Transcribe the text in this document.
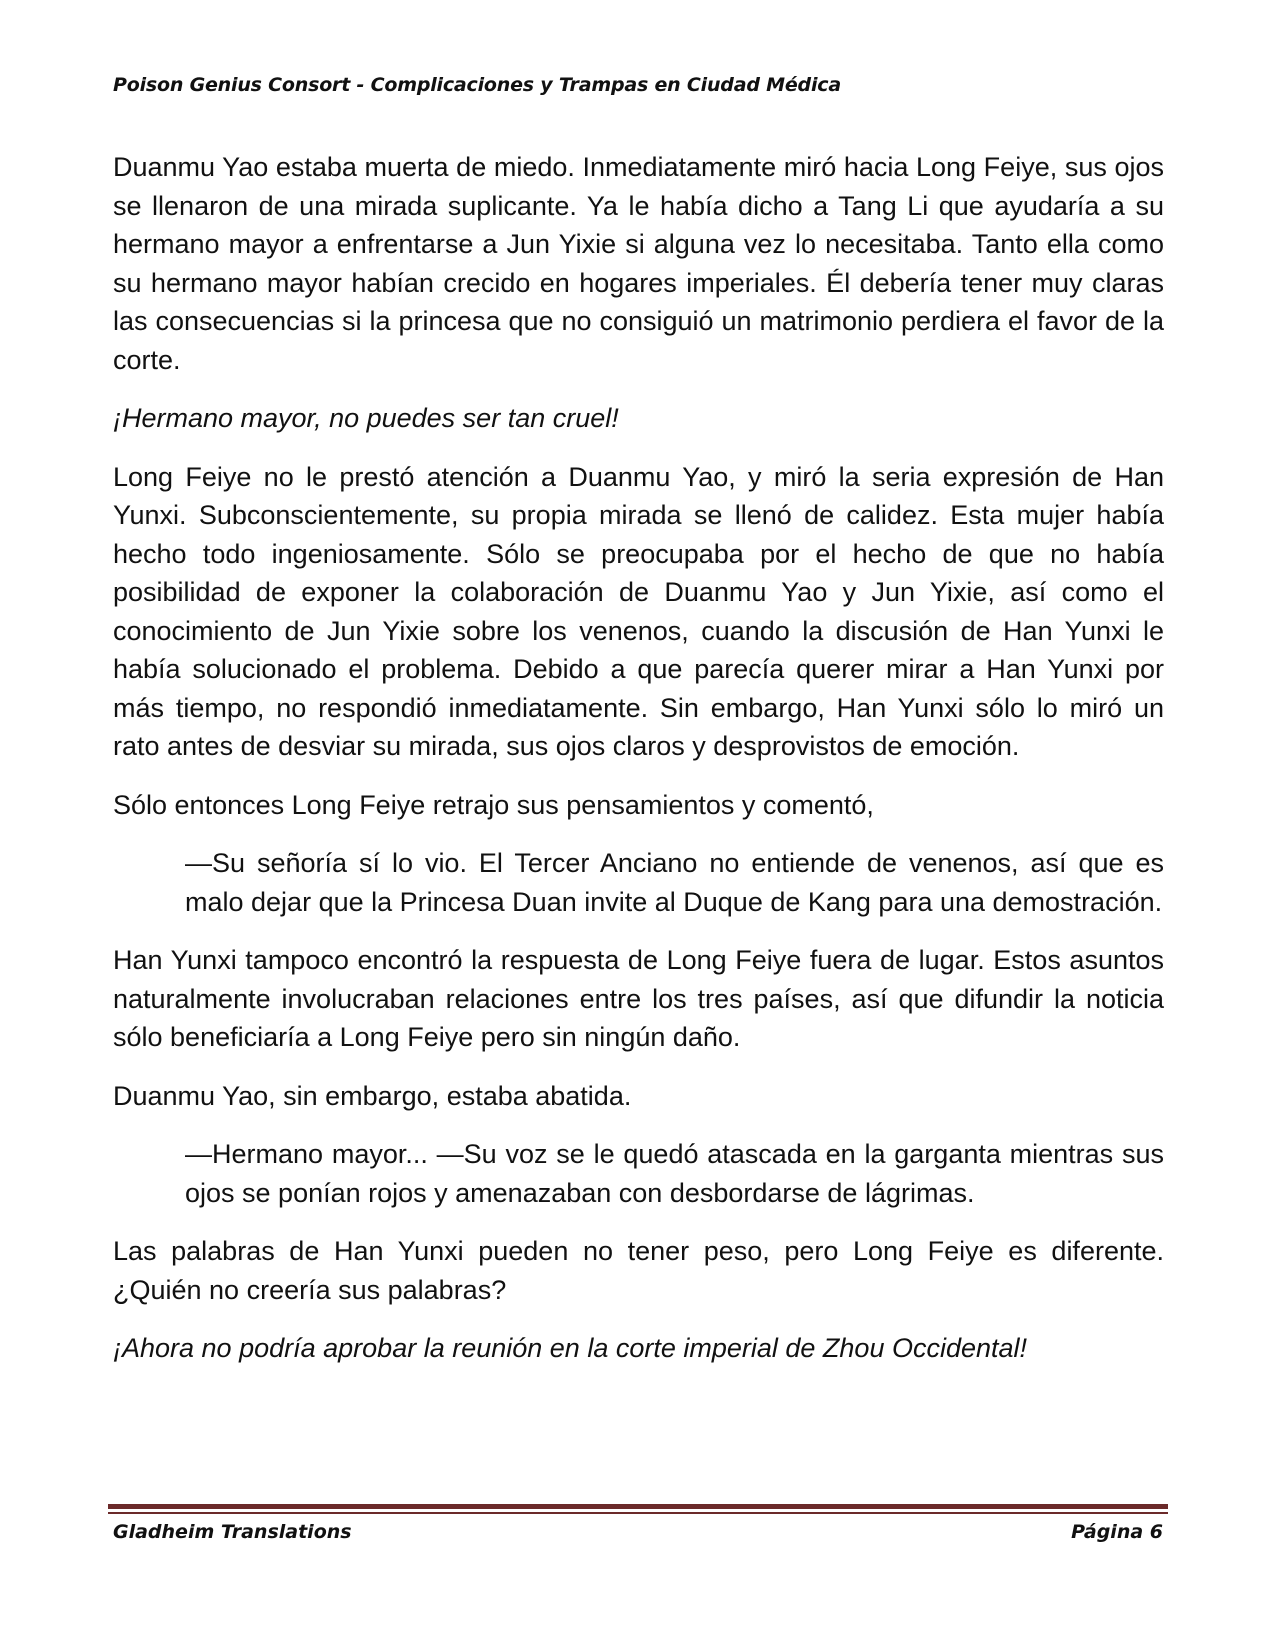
Poison Genius Consort - Complicaciones y Trampas en Ciudad Médica

Duanmu Yao estaba muerta de miedo. Inmediatamente miró hacia Long Feiye, sus ojos se llenaron de una mirada suplicante. Ya le había dicho a Tang Li que ayudaría a su hermano mayor a enfrentarse a Jun Yixie si alguna vez lo necesitaba. Tanto ella como su hermano mayor habían crecido en hogares imperiales. Él debería tener muy claras las consecuencias si la princesa que no consiguió un matrimonio perdiera el favor de la corte.

¡Hermano mayor, no puedes ser tan cruel!

Long Feiye no le prestó atención a Duanmu Yao, y miró la seria expresión de Han Yunxi. Subconscientemente, su propia mirada se llenó de calidez. Esta mujer había hecho todo ingeniosamente. Sólo se preocupaba por el hecho de que no había posibilidad de exponer la colaboración de Duanmu Yao y Jun Yixie, así como el conocimiento de Jun Yixie sobre los venenos, cuando la discusión de Han Yunxi le había solucionado el problema. Debido a que parecía querer mirar a Han Yunxi por más tiempo, no respondió inmediatamente. Sin embargo, Han Yunxi sólo lo miró un rato antes de desviar su mirada, sus ojos claros y desprovistos de emoción.

Sólo entonces Long Feiye retrajo sus pensamientos y comentó,

—Su señoría sí lo vio. El Tercer Anciano no entiende de venenos, así que es malo dejar que la Princesa Duan invite al Duque de Kang para una demostración.

Han Yunxi tampoco encontró la respuesta de Long Feiye fuera de lugar. Estos asuntos naturalmente involucraban relaciones entre los tres países, así que difundir la noticia sólo beneficiaría a Long Feiye pero sin ningún daño.

Duanmu Yao, sin embargo, estaba abatida.

—Hermano mayor... —Su voz se le quedó atascada en la garganta mientras sus ojos se ponían rojos y amenazaban con desbordarse de lágrimas.

Las palabras de Han Yunxi pueden no tener peso, pero Long Feiye es diferente. ¿Quién no creería sus palabras?

¡Ahora no podría aprobar la reunión en la corte imperial de Zhou Occidental!

Gladheim Translations	Página 6
